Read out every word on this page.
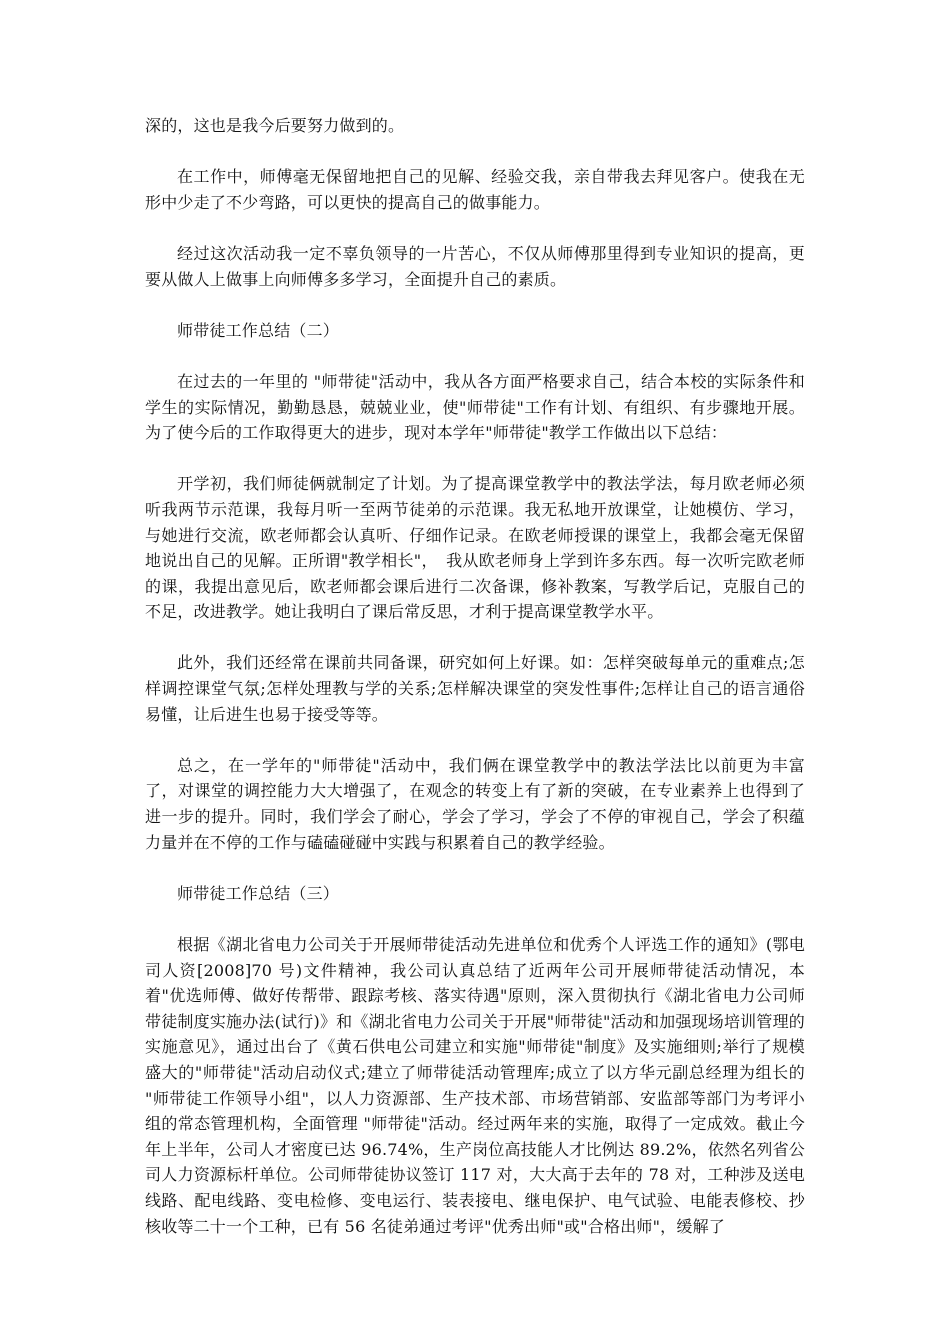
深的，这也是我今后要努力做到的。

在工作中，师傅毫无保留地把自己的见解、经验交我，亲自带我去拜见客户。使我在无形中少走了不少弯路，可以更快的提高自己的做事能力。

经过这次活动我一定不辜负领导的一片苦心，不仅从师傅那里得到专业知识的提高，更要从做人上做事上向师傅多多学习，全面提升自己的素质。

师带徒工作总结（二）

在过去的一年里的 "师带徒"活动中，我从各方面严格要求自己，结合本校的实际条件和学生的实际情况，勤勤恳恳，兢兢业业，使"师带徒"工作有计划、有组织、有步骤地开展。为了使今后的工作取得更大的进步，现对本学年"师带徒"教学工作做出以下总结：

开学初，我们师徒俩就制定了计划。为了提高课堂教学中的教法学法，每月欧老师必须听我两节示范课，我每月听一至两节徒弟的示范课。我无私地开放课堂，让她模仿、学习，与她进行交流，欧老师都会认真听、仔细作记录。在欧老师授课的课堂上，我都会毫无保留地说出自己的见解。正所谓"教学相长"，　我从欧老师身上学到许多东西。每一次听完欧老师的课，我提出意见后，欧老师都会课后进行二次备课，修补教案，写教学后记，克服自己的不足，改进教学。她让我明白了课后常反思，才利于提高课堂教学水平。

此外，我们还经常在课前共同备课，研究如何上好课。如：怎样突破每单元的重难点;怎样调控课堂气氛;怎样处理教与学的关系;怎样解决课堂的突发性事件;怎样让自己的语言通俗易懂，让后进生也易于接受等等。

总之，在一学年的"师带徒"活动中，我们俩在课堂教学中的教法学法比以前更为丰富了，对课堂的调控能力大大增强了，在观念的转变上有了新的突破，在专业素养上也得到了进一步的提升。同时，我们学会了耐心，学会了学习，学会了不停的审视自己，学会了积蕴力量并在不停的工作与磕磕碰碰中实践与积累着自己的教学经验。

师带徒工作总结（三）

根据《湖北省电力公司关于开展师带徒活动先进单位和优秀个人评选工作的通知》(鄂电司人资[2008]70 号)文件精神，我公司认真总结了近两年公司开展师带徒活动情况，本着"优选师傅、做好传帮带、跟踪考核、落实待遇"原则，深入贯彻执行《湖北省电力公司师带徒制度实施办法(试行)》和《湖北省电力公司关于开展"师带徒"活动和加强现场培训管理的实施意见》，通过出台了《黄石供电公司建立和实施"师带徒"制度》及实施细则;举行了规模盛大的"师带徒"活动启动仪式;建立了师带徒活动管理库;成立了以方华元副总经理为组长的 "师带徒工作领导小组"，以人力资源部、生产技术部、市场营销部、安监部等部门为考评小组的常态管理机构，全面管理 "师带徒"活动。经过两年来的实施，取得了一定成效。截止今年上半年，公司人才密度已达 96.74%，生产岗位高技能人才比例达 89.2%，依然名列省公司人力资源标杆单位。公司师带徒协议签订 117 对，大大高于去年的 78 对，工种涉及送电线路、配电线路、变电检修、变电运行、装表接电、继电保护、电气试验、电能表修校、抄核收等二十一个工种，已有 56 名徒弟通过考评"优秀出师"或"合格出师"，缓解了
